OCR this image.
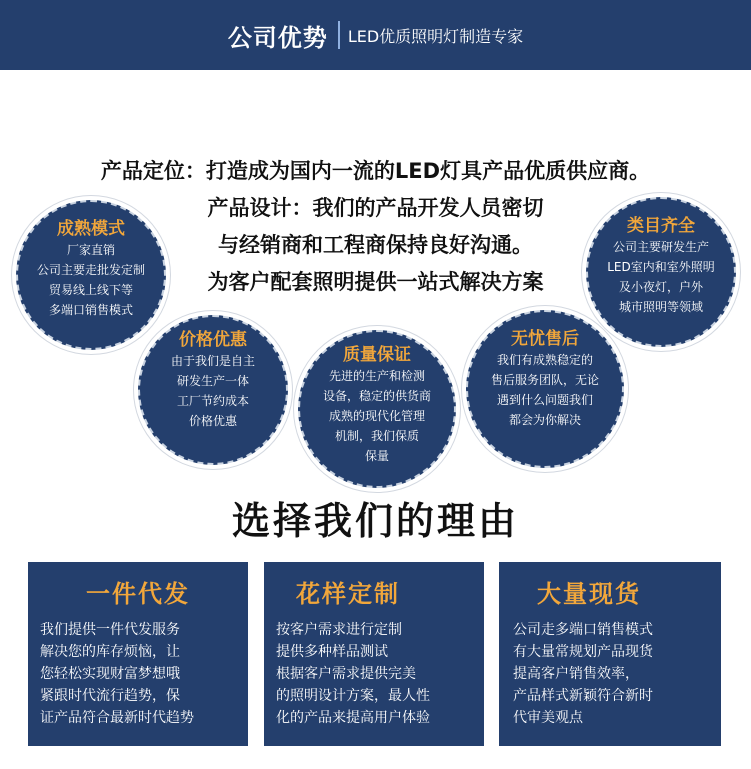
公司优势 LED优质照明灯制造专家
产品定位：打造成为国内一流的LED灯具产品优质供应商。
产品设计：我们的产品开发人员密切
与经销商和工程商保持良好沟通。
为客户配套照明提供一站式解决方案
成熟模式
厂家直销
公司主要走批发定制
贸易线上线下等
多端口销售模式
价格优惠
由于我们是自主
研发生产一体
工厂节约成本
价格优惠
质量保证
先进的生产和检测
设备，稳定的供货商
成熟的现代化管理
机制，我们保质
保量
无忧售后
我们有成熟稳定的
售后服务团队，无论
遇到什么问题我们
都会为你解决
类目齐全
公司主要研发生产
LED室内和室外照明
及小夜灯，户外
城市照明等领域
选择我们的理由
一件代发
我们提供一件代发服务
解决您的库存烦恼，让
您轻松实现财富梦想哦
紧跟时代流行趋势，保
证产品符合最新时代趋势
花样定制
按客户需求进行定制
提供多种样品测试
根据客户需求提供完美
的照明设计方案，最人性
化的产品来提高用户体验
大量现货
公司走多端口销售模式
有大量常规划产品现货
提高客户销售效率，
产品样式新颖符合新时
代审美观点
